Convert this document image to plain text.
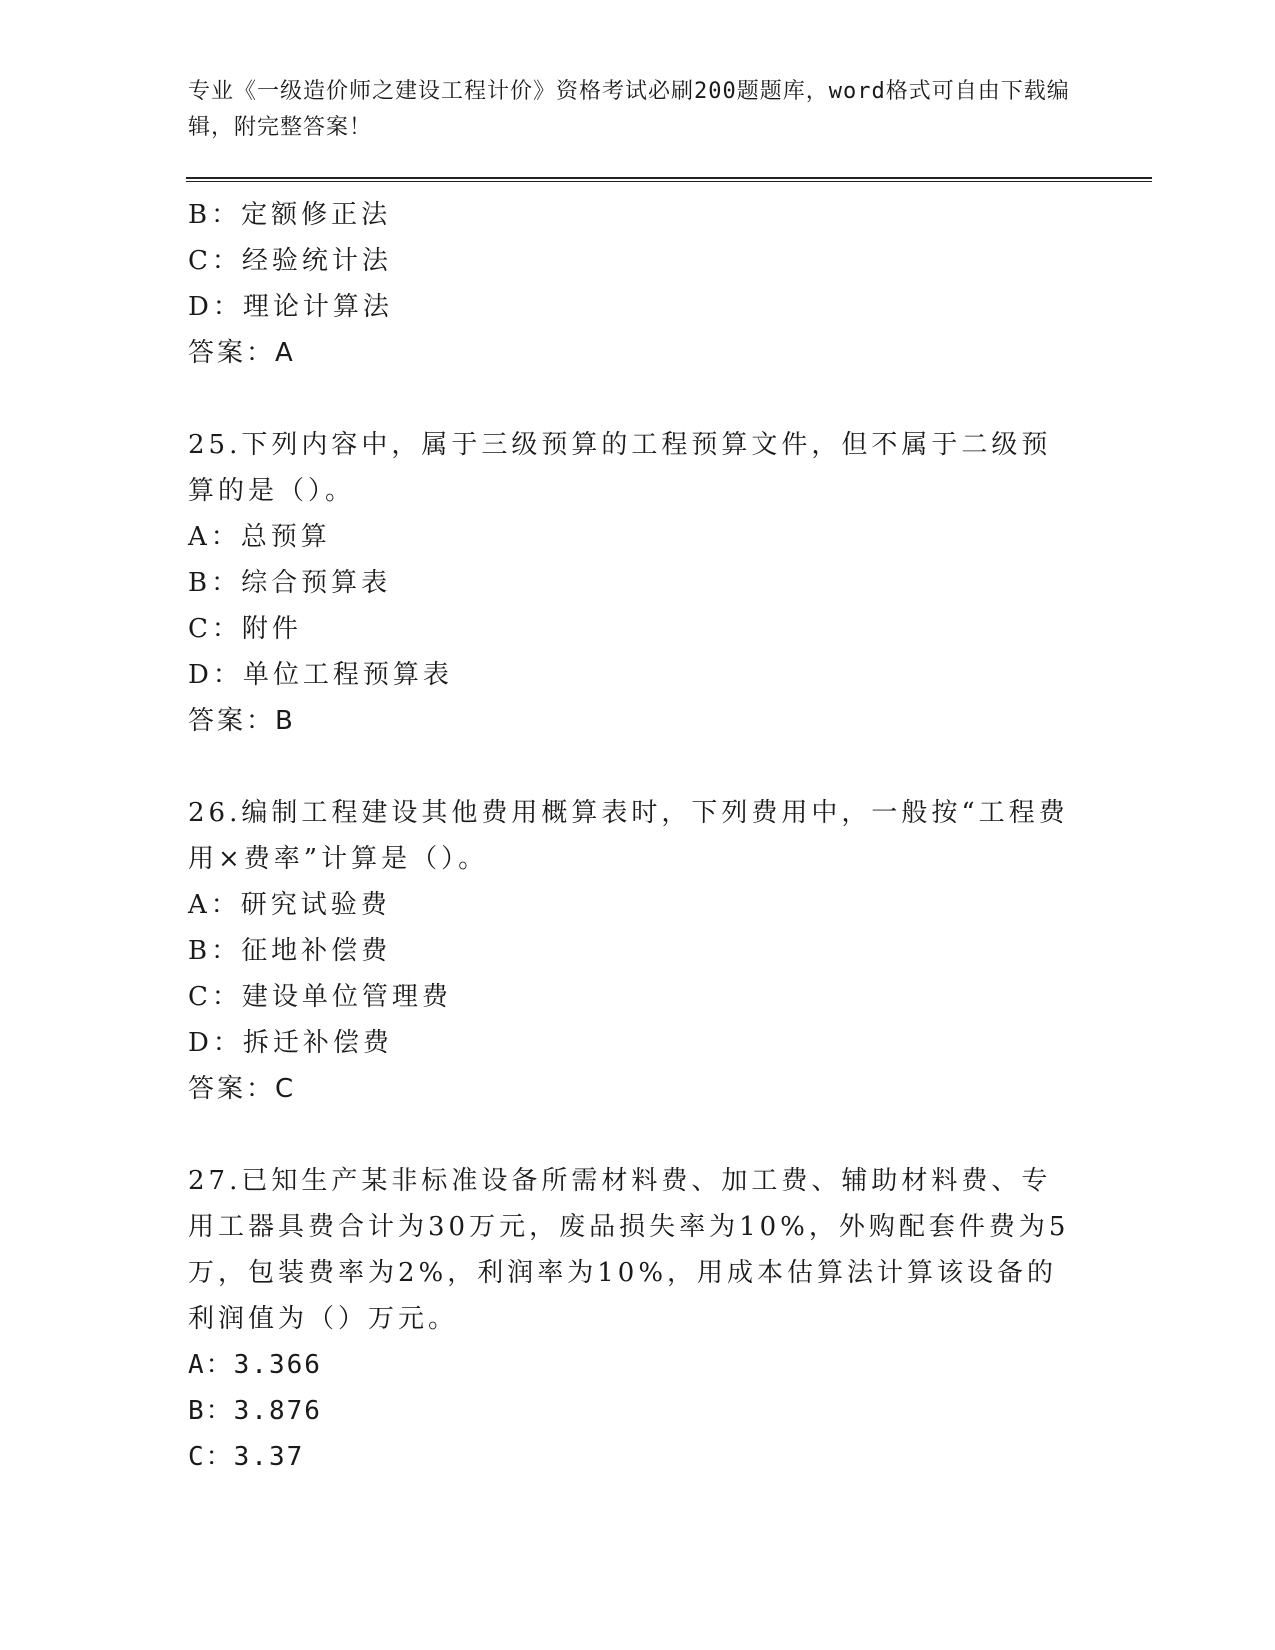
专业《一级造价师之建设工程计价》资格考试必刷200题题库，word格式可自由下载编辑，附完整答案！
B：定额修正法
C：经验统计法
D：理论计算法
答案：A
25.下列内容中，属于三级预算的工程预算文件，但不属于二级预算的是（）。
A：总预算
B：综合预算表
C：附件
D：单位工程预算表
答案：B
26.编制工程建设其他费用概算表时，下列费用中，一般按“工程费用×费率”计算是（）。
A：研究试验费
B：征地补偿费
C：建设单位管理费
D：拆迁补偿费
答案：C
27.已知生产某非标准设备所需材料费、加工费、辅助材料费、专用工器具费合计为30万元，废品损失率为10%，外购配套件费为5万，包装费率为2%，利润率为10%，用成本估算法计算该设备的利润值为（）万元。
A：3.366
B：3.876
C：3.37
